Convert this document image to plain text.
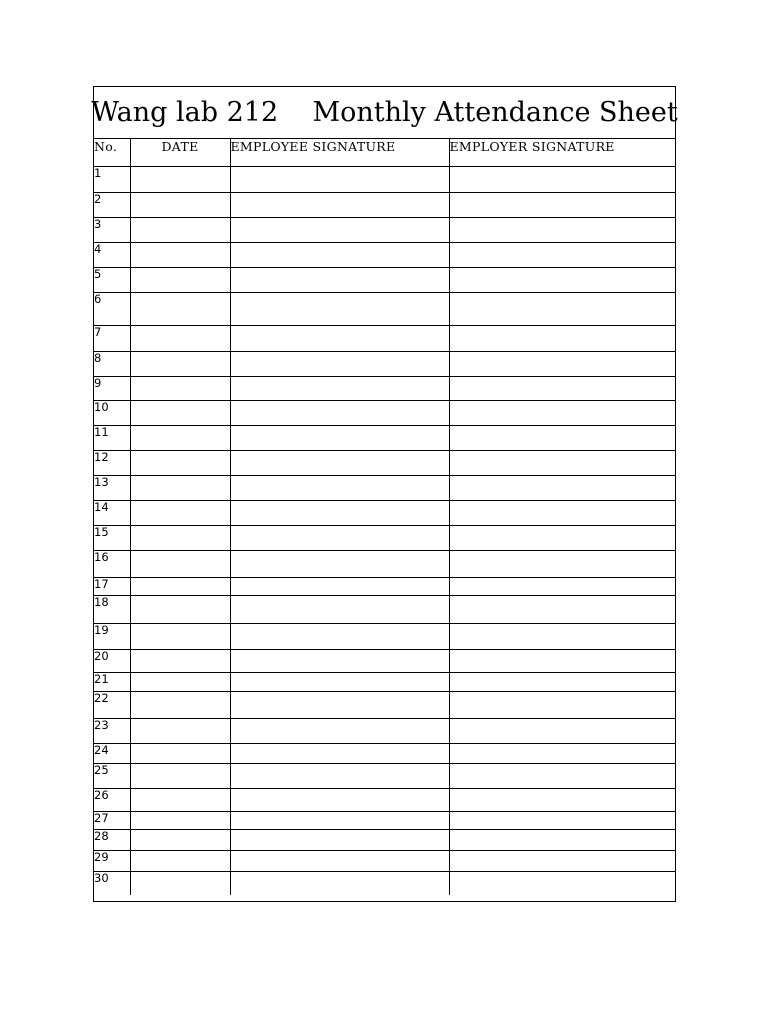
Wang lab 212    Monthly Attendance Sheet
No.	DATE	EMPLOYEE SIGNATURE	EMPLOYER SIGNATURE
1			
2			
3			
4			
5			
6			
7			
8			
9			
10			
11			
12			
13			
14			
15			
16			
17			
18			
19			
20			
21			
22			
23			
24			
25			
26			
27			
28			
29			
30			
